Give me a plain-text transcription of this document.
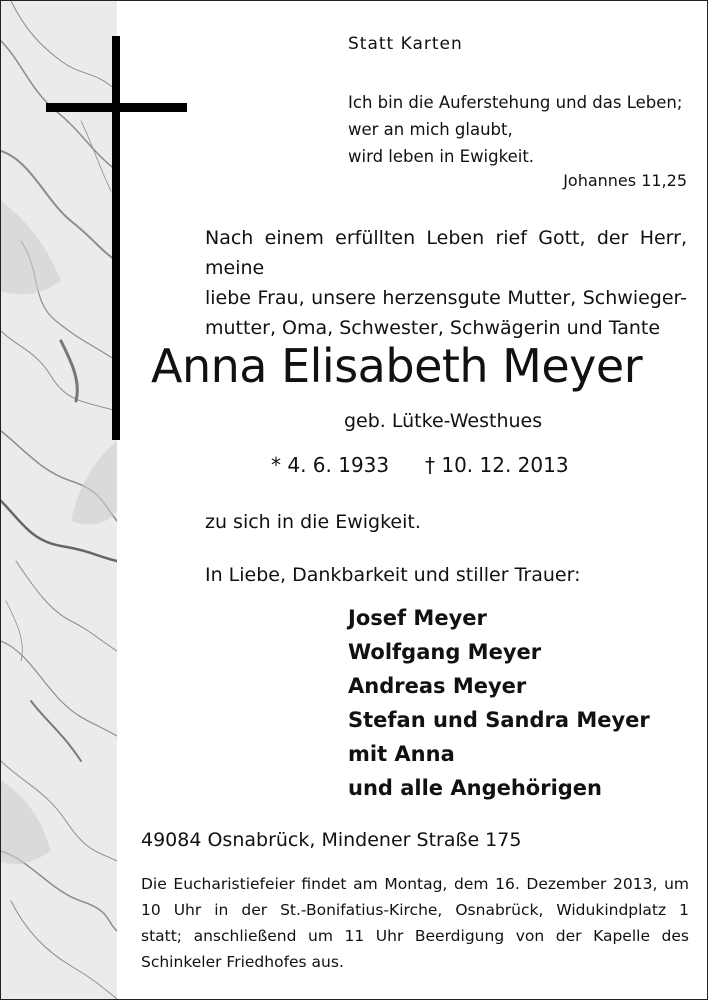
Statt Karten
Ich bin die Auferstehung und das Leben;
wer an mich glaubt,
wird leben in Ewigkeit.
Johannes 11,25
Nach einem erfüllten Leben rief Gott, der Herr, meine
liebe Frau, unsere herzensgute Mutter, Schwieger-
mutter, Oma, Schwester, Schwägerin und Tante
Anna Elisabeth Meyer
geb. Lütke-Westhues
* 4. 6. 1933 † 10. 12. 2013
zu sich in die Ewigkeit.
In Liebe, Dankbarkeit und stiller Trauer:
Josef Meyer
Wolfgang Meyer
Andreas Meyer
Stefan und Sandra Meyer
mit Anna
und alle Angehörigen
49084 Osnabrück, Mindener Straße 175
Die Eucharistiefeier findet am Montag, dem 16. Dezember 2013, um
10 Uhr in der St.-Bonifatius-Kirche, Osnabrück, Widukindplatz 1
statt; anschließend um 11 Uhr Beerdigung von der Kapelle des
Schinkeler Friedhofes aus.
